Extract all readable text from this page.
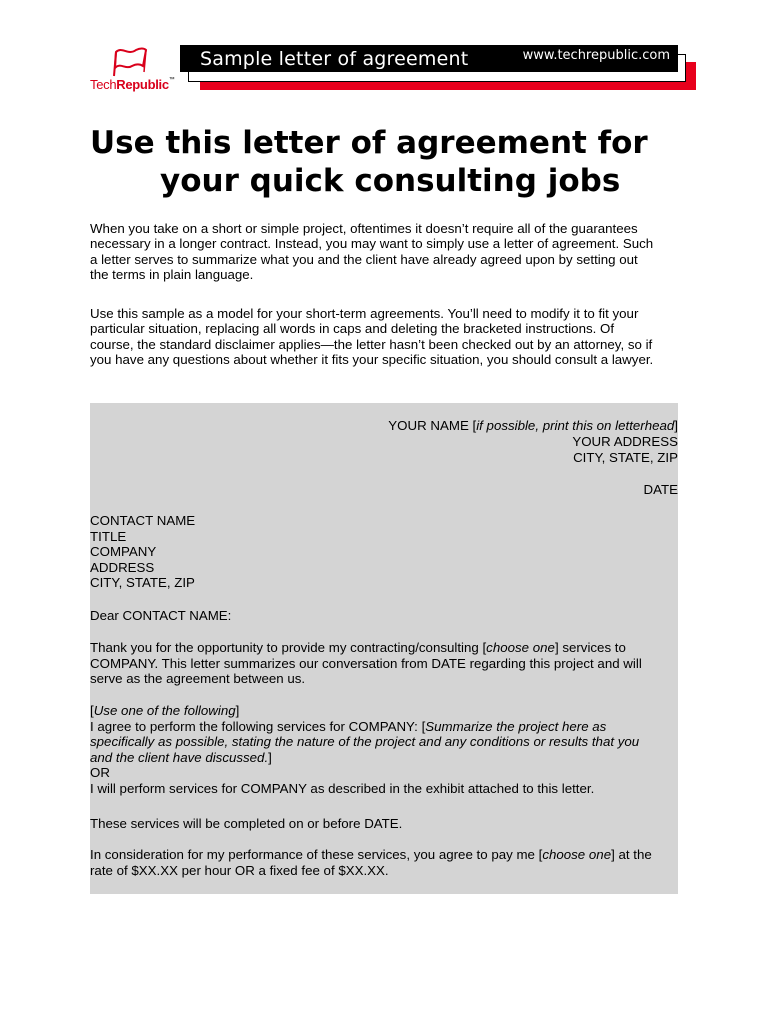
TechRepublic™
Sample letter of agreement	www.techrepublic.com
Use this letter of agreement for
your quick consulting jobs
When you take on a short or simple project, oftentimes it doesn’t require all of the guarantees
necessary in a longer contract. Instead, you may want to simply use a letter of agreement. Such
a letter serves to summarize what you and the client have already agreed upon by setting out
the terms in plain language.
Use this sample as a model for your short-term agreements. You’ll need to modify it to fit your
particular situation, replacing all words in caps and deleting the bracketed instructions. Of
course, the standard disclaimer applies—the letter hasn’t been checked out by an attorney, so if
you have any questions about whether it fits your specific situation, you should consult a lawyer.
YOUR NAME [if possible, print this on letterhead]
YOUR ADDRESS
CITY, STATE, ZIP
DATE
CONTACT NAME
TITLE
COMPANY
ADDRESS
CITY, STATE, ZIP
Dear CONTACT NAME:
Thank you for the opportunity to provide my contracting/consulting [choose one] services to
COMPANY. This letter summarizes our conversation from DATE regarding this project and will
serve as the agreement between us.
[Use one of the following]
I agree to perform the following services for COMPANY: [Summarize the project here as
specifically as possible, stating the nature of the project and any conditions or results that you
and the client have discussed.]
OR
I will perform services for COMPANY as described in the exhibit attached to this letter.
These services will be completed on or before DATE.
In consideration for my performance of these services, you agree to pay me [choose one] at the
rate of $XX.XX per hour OR a fixed fee of $XX.XX.
